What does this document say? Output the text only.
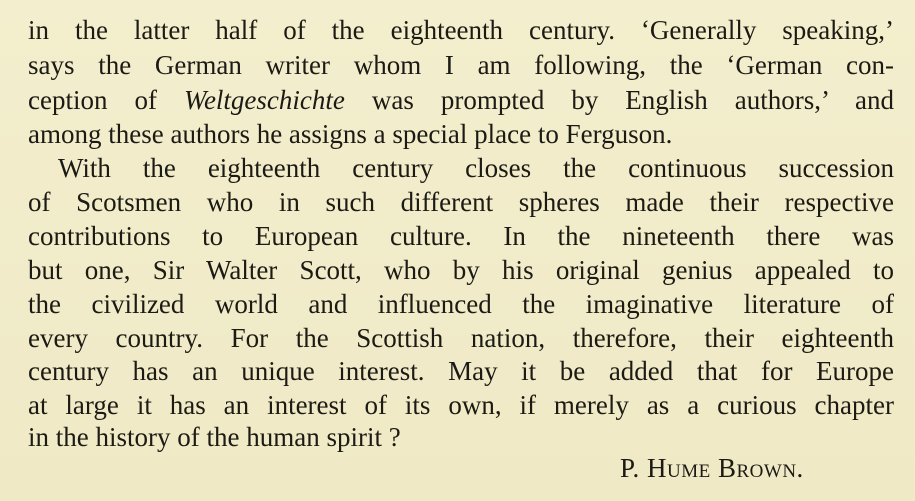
in the latter half of the eighteenth century. ‘Generally speaking,’
says the German writer whom I am following, the ‘German con-
ception of Weltgeschichte was prompted by English authors,’ and
among these authors he assigns a special place to Ferguson.
With the eighteenth century closes the continuous succession
of Scotsmen who in such different spheres made their respective
contributions to European culture. In the nineteenth there was
but one, Sir Walter Scott, who by his original genius appealed to
the civilized world and influenced the imaginative literature of
every country. For the Scottish nation, therefore, their eighteenth
century has an unique interest. May it be added that for Europe
at large it has an interest of its own, if merely as a curious chapter
in the history of the human spirit ?
P. Hume Brown.
